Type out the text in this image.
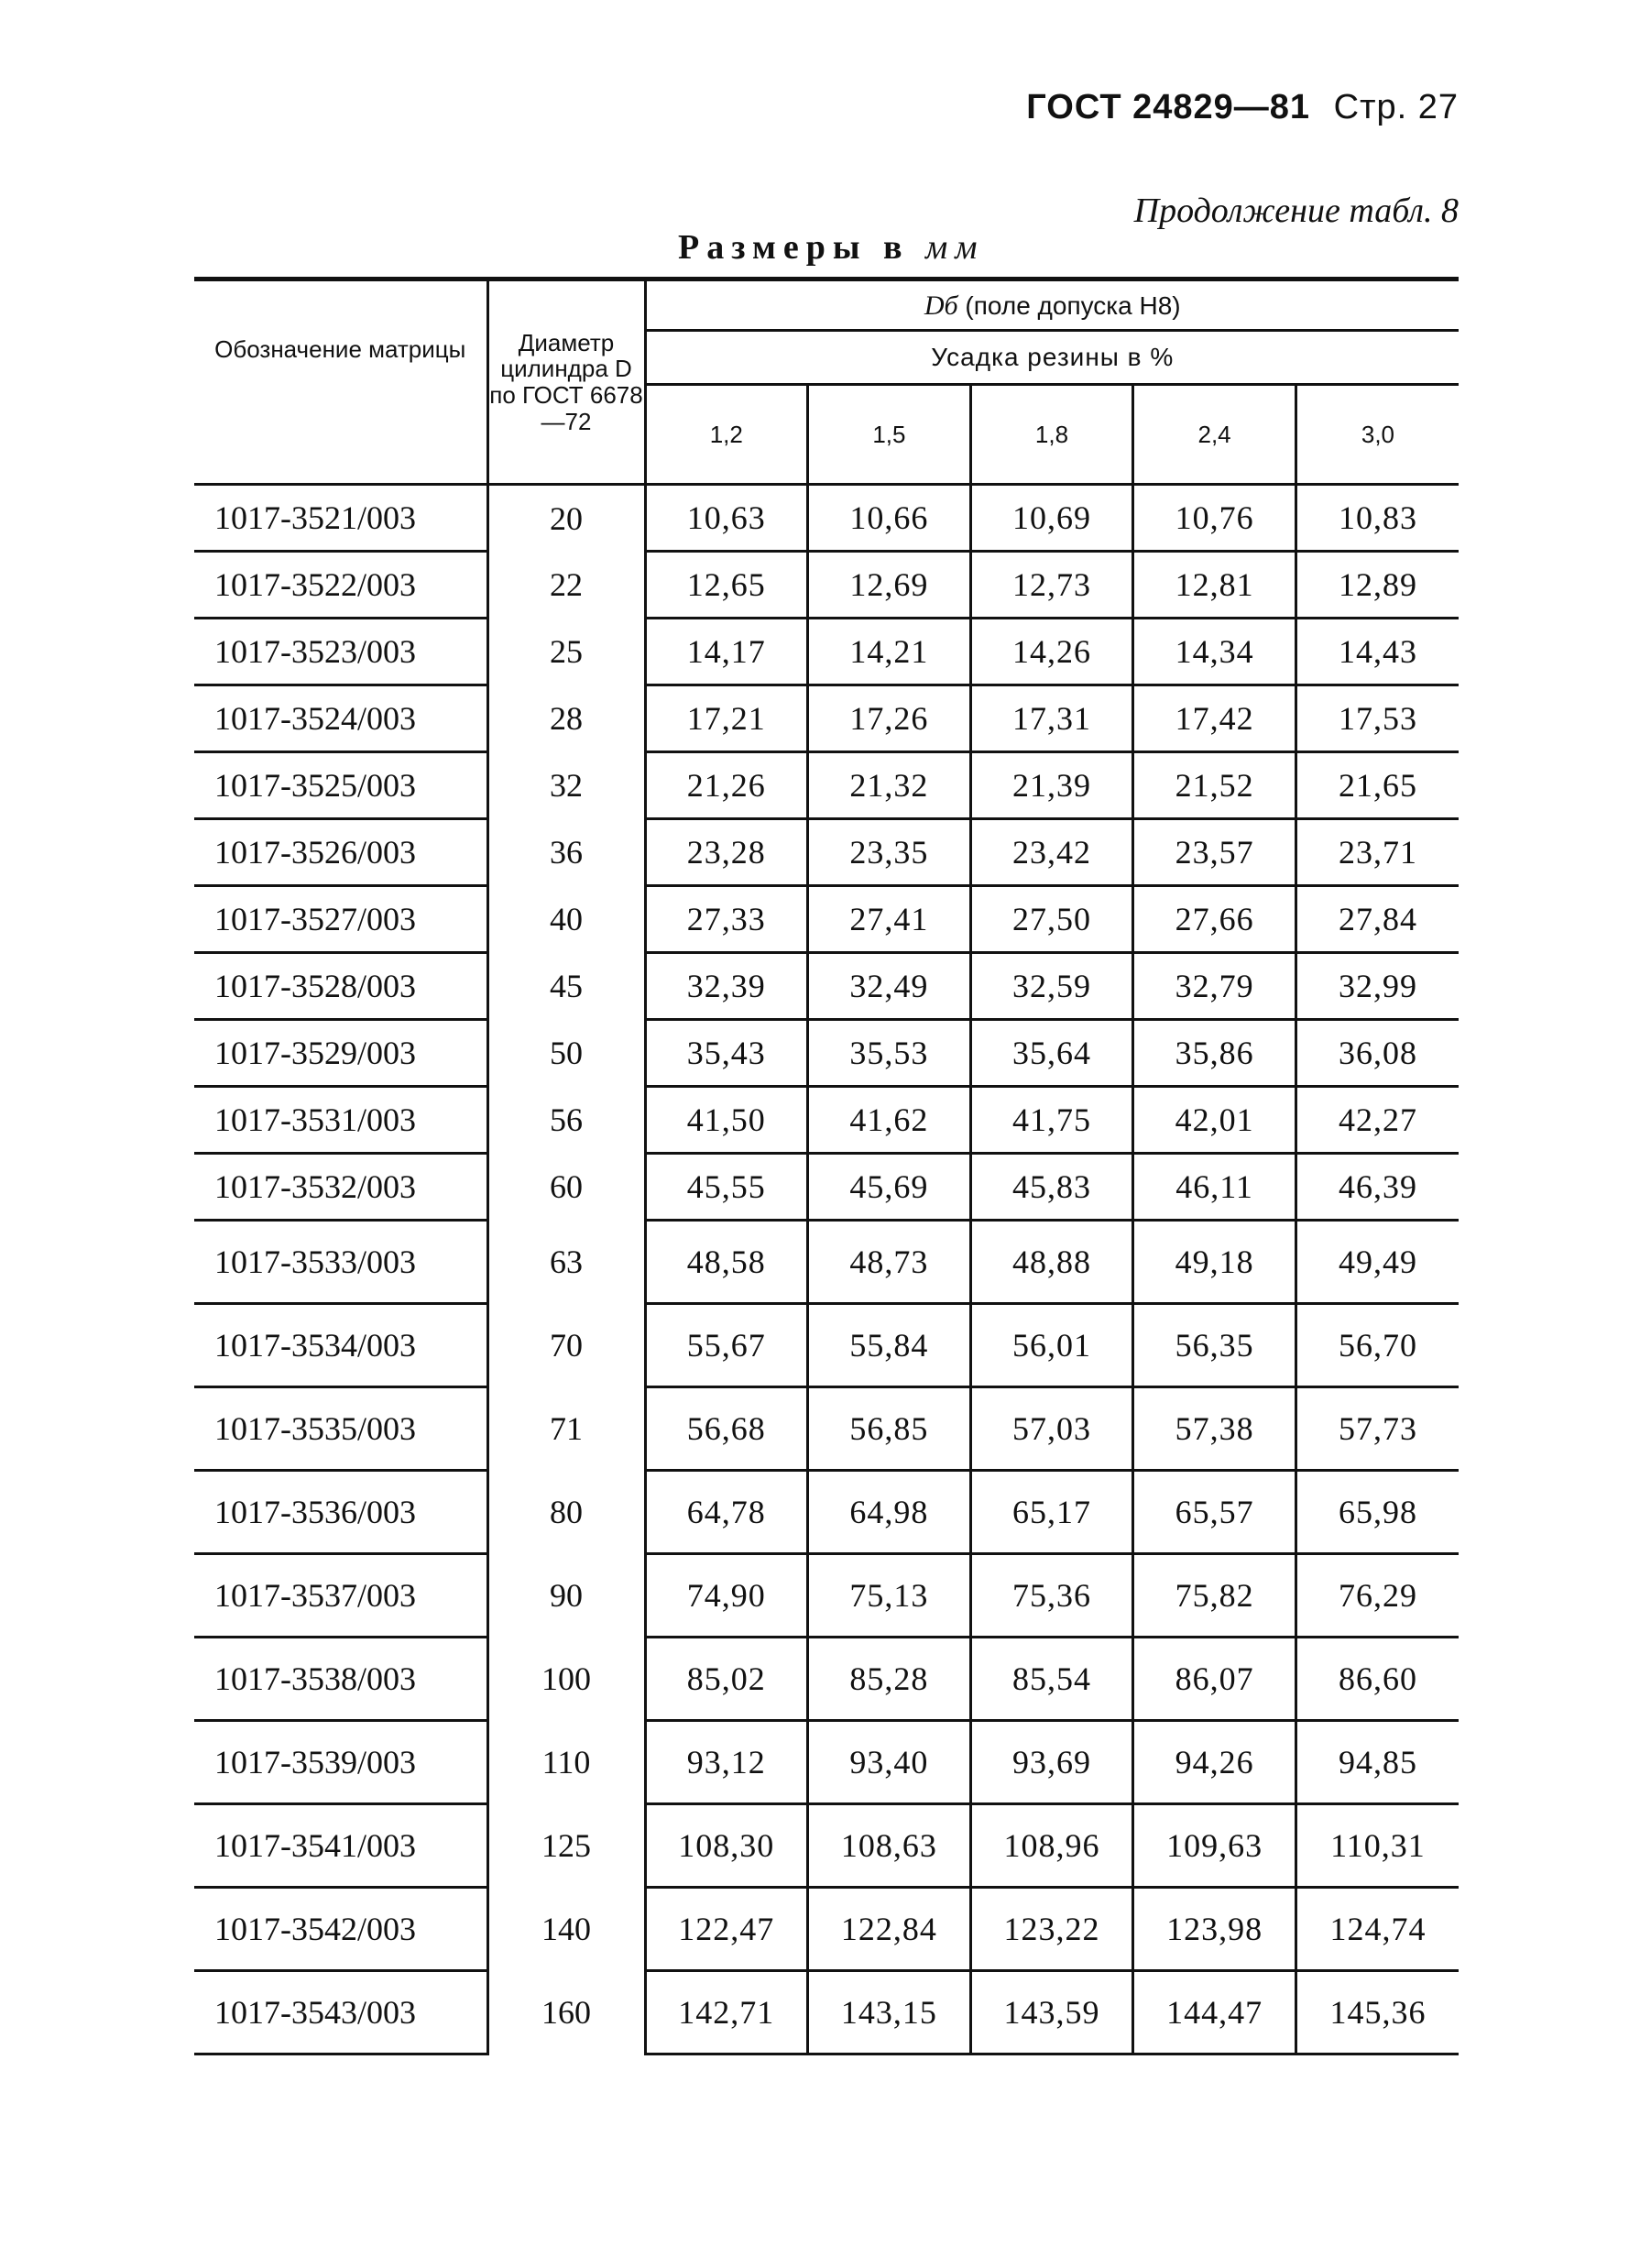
ГОСТ 24829—81 Стр. 27
Продолжение табл. 8
Размеры в мм
Обозначение матрицы	Диаметр цилиндра D по ГОСТ 6678—72	Dб (поле допуска Н8)				
		Усадка резины в %				
		1,2	1,5	1,8	2,4	3,0
1017-3521/003	20	10,63	10,66	10,69	10,76	10,83
1017-3522/003	22	12,65	12,69	12,73	12,81	12,89
1017-3523/003	25	14,17	14,21	14,26	14,34	14,43
1017-3524/003	28	17,21	17,26	17,31	17,42	17,53
1017-3525/003	32	21,26	21,32	21,39	21,52	21,65
1017-3526/003	36	23,28	23,35	23,42	23,57	23,71
1017-3527/003	40	27,33	27,41	27,50	27,66	27,84
1017-3528/003	45	32,39	32,49	32,59	32,79	32,99
1017-3529/003	50	35,43	35,53	35,64	35,86	36,08
1017-3531/003	56	41,50	41,62	41,75	42,01	42,27
1017-3532/003	60	45,55	45,69	45,83	46,11	46,39
1017-3533/003	63	48,58	48,73	48,88	49,18	49,49
1017-3534/003	70	55,67	55,84	56,01	56,35	56,70
1017-3535/003	71	56,68	56,85	57,03	57,38	57,73
1017-3536/003	80	64,78	64,98	65,17	65,57	65,98
1017-3537/003	90	74,90	75,13	75,36	75,82	76,29
1017-3538/003	100	85,02	85,28	85,54	86,07	86,60
1017-3539/003	110	93,12	93,40	93,69	94,26	94,85
1017-3541/003	125	108,30	108,63	108,96	109,63	110,31
1017-3542/003	140	122,47	122,84	123,22	123,98	124,74
1017-3543/003	160	142,71	143,15	143,59	144,47	145,36
